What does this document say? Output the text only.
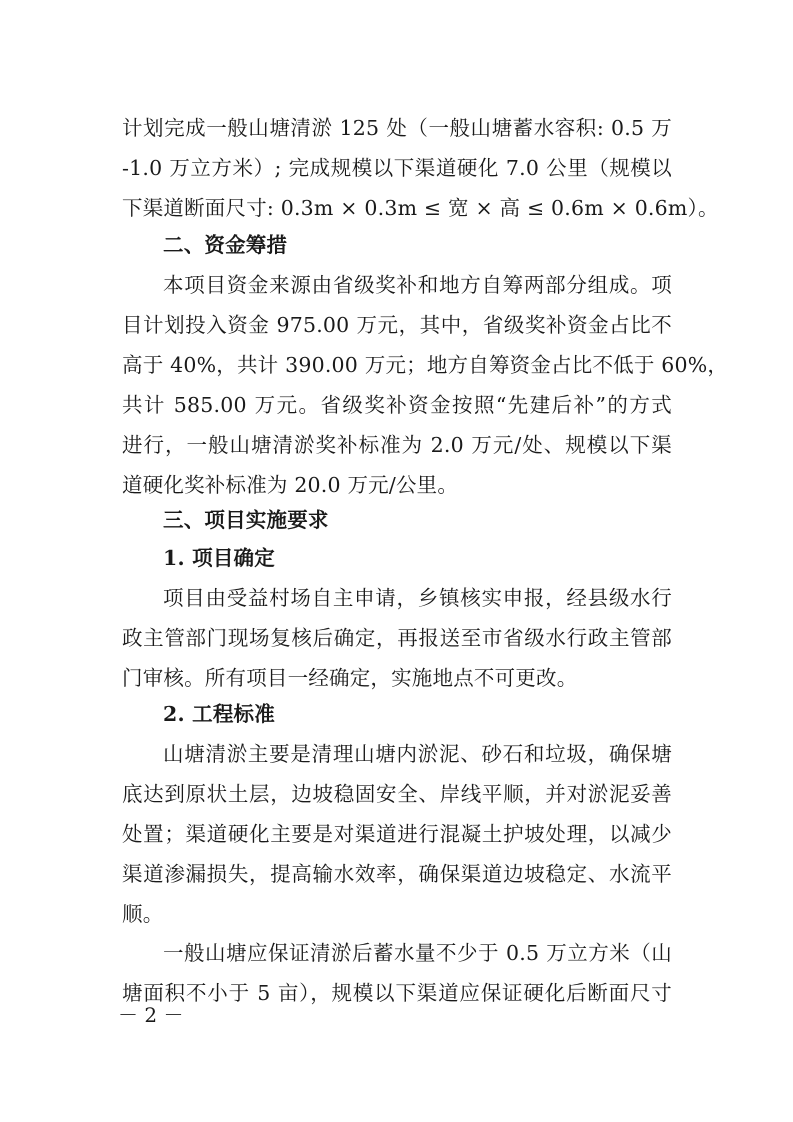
计划完成一般山塘清淤 125 处（一般山塘蓄水容积: 0.5 万
-1.0 万立方米）; 完成规模以下渠道硬化 7.0 公里（规模以
下渠道断面尺寸: 0.3m × 0.3m ≤ 宽 × 高 ≤ 0.6m × 0.6m）。
二、资金筹措
本项目资金来源由省级奖补和地方自筹两部分组成。项
目计划投入资金 975.00 万元，其中，省级奖补资金占比不
高于 40%，共计 390.00 万元；地方自筹资金占比不低于 60%，
共计 585.00 万元。省级奖补资金按照“先建后补”的方式
进行，一般山塘清淤奖补标准为 2.0 万元/处、规模以下渠
道硬化奖补标准为 20.0 万元/公里。
三、项目实施要求
1. 项目确定
项目由受益村场自主申请，乡镇核实申报，经县级水行
政主管部门现场复核后确定，再报送至市省级水行政主管部
门审核。所有项目一经确定，实施地点不可更改。
2. 工程标准
山塘清淤主要是清理山塘内淤泥、砂石和垃圾，确保塘
底达到原状土层，边坡稳固安全、岸线平顺，并对淤泥妥善
处置；渠道硬化主要是对渠道进行混凝土护坡处理，以减少
渠道渗漏损失，提高输水效率，确保渠道边坡稳定、水流平
顺。
一般山塘应保证清淤后蓄水量不少于 0.5 万立方米（山
塘面积不小于 5 亩），规模以下渠道应保证硬化后断面尺寸
－ 2 －
